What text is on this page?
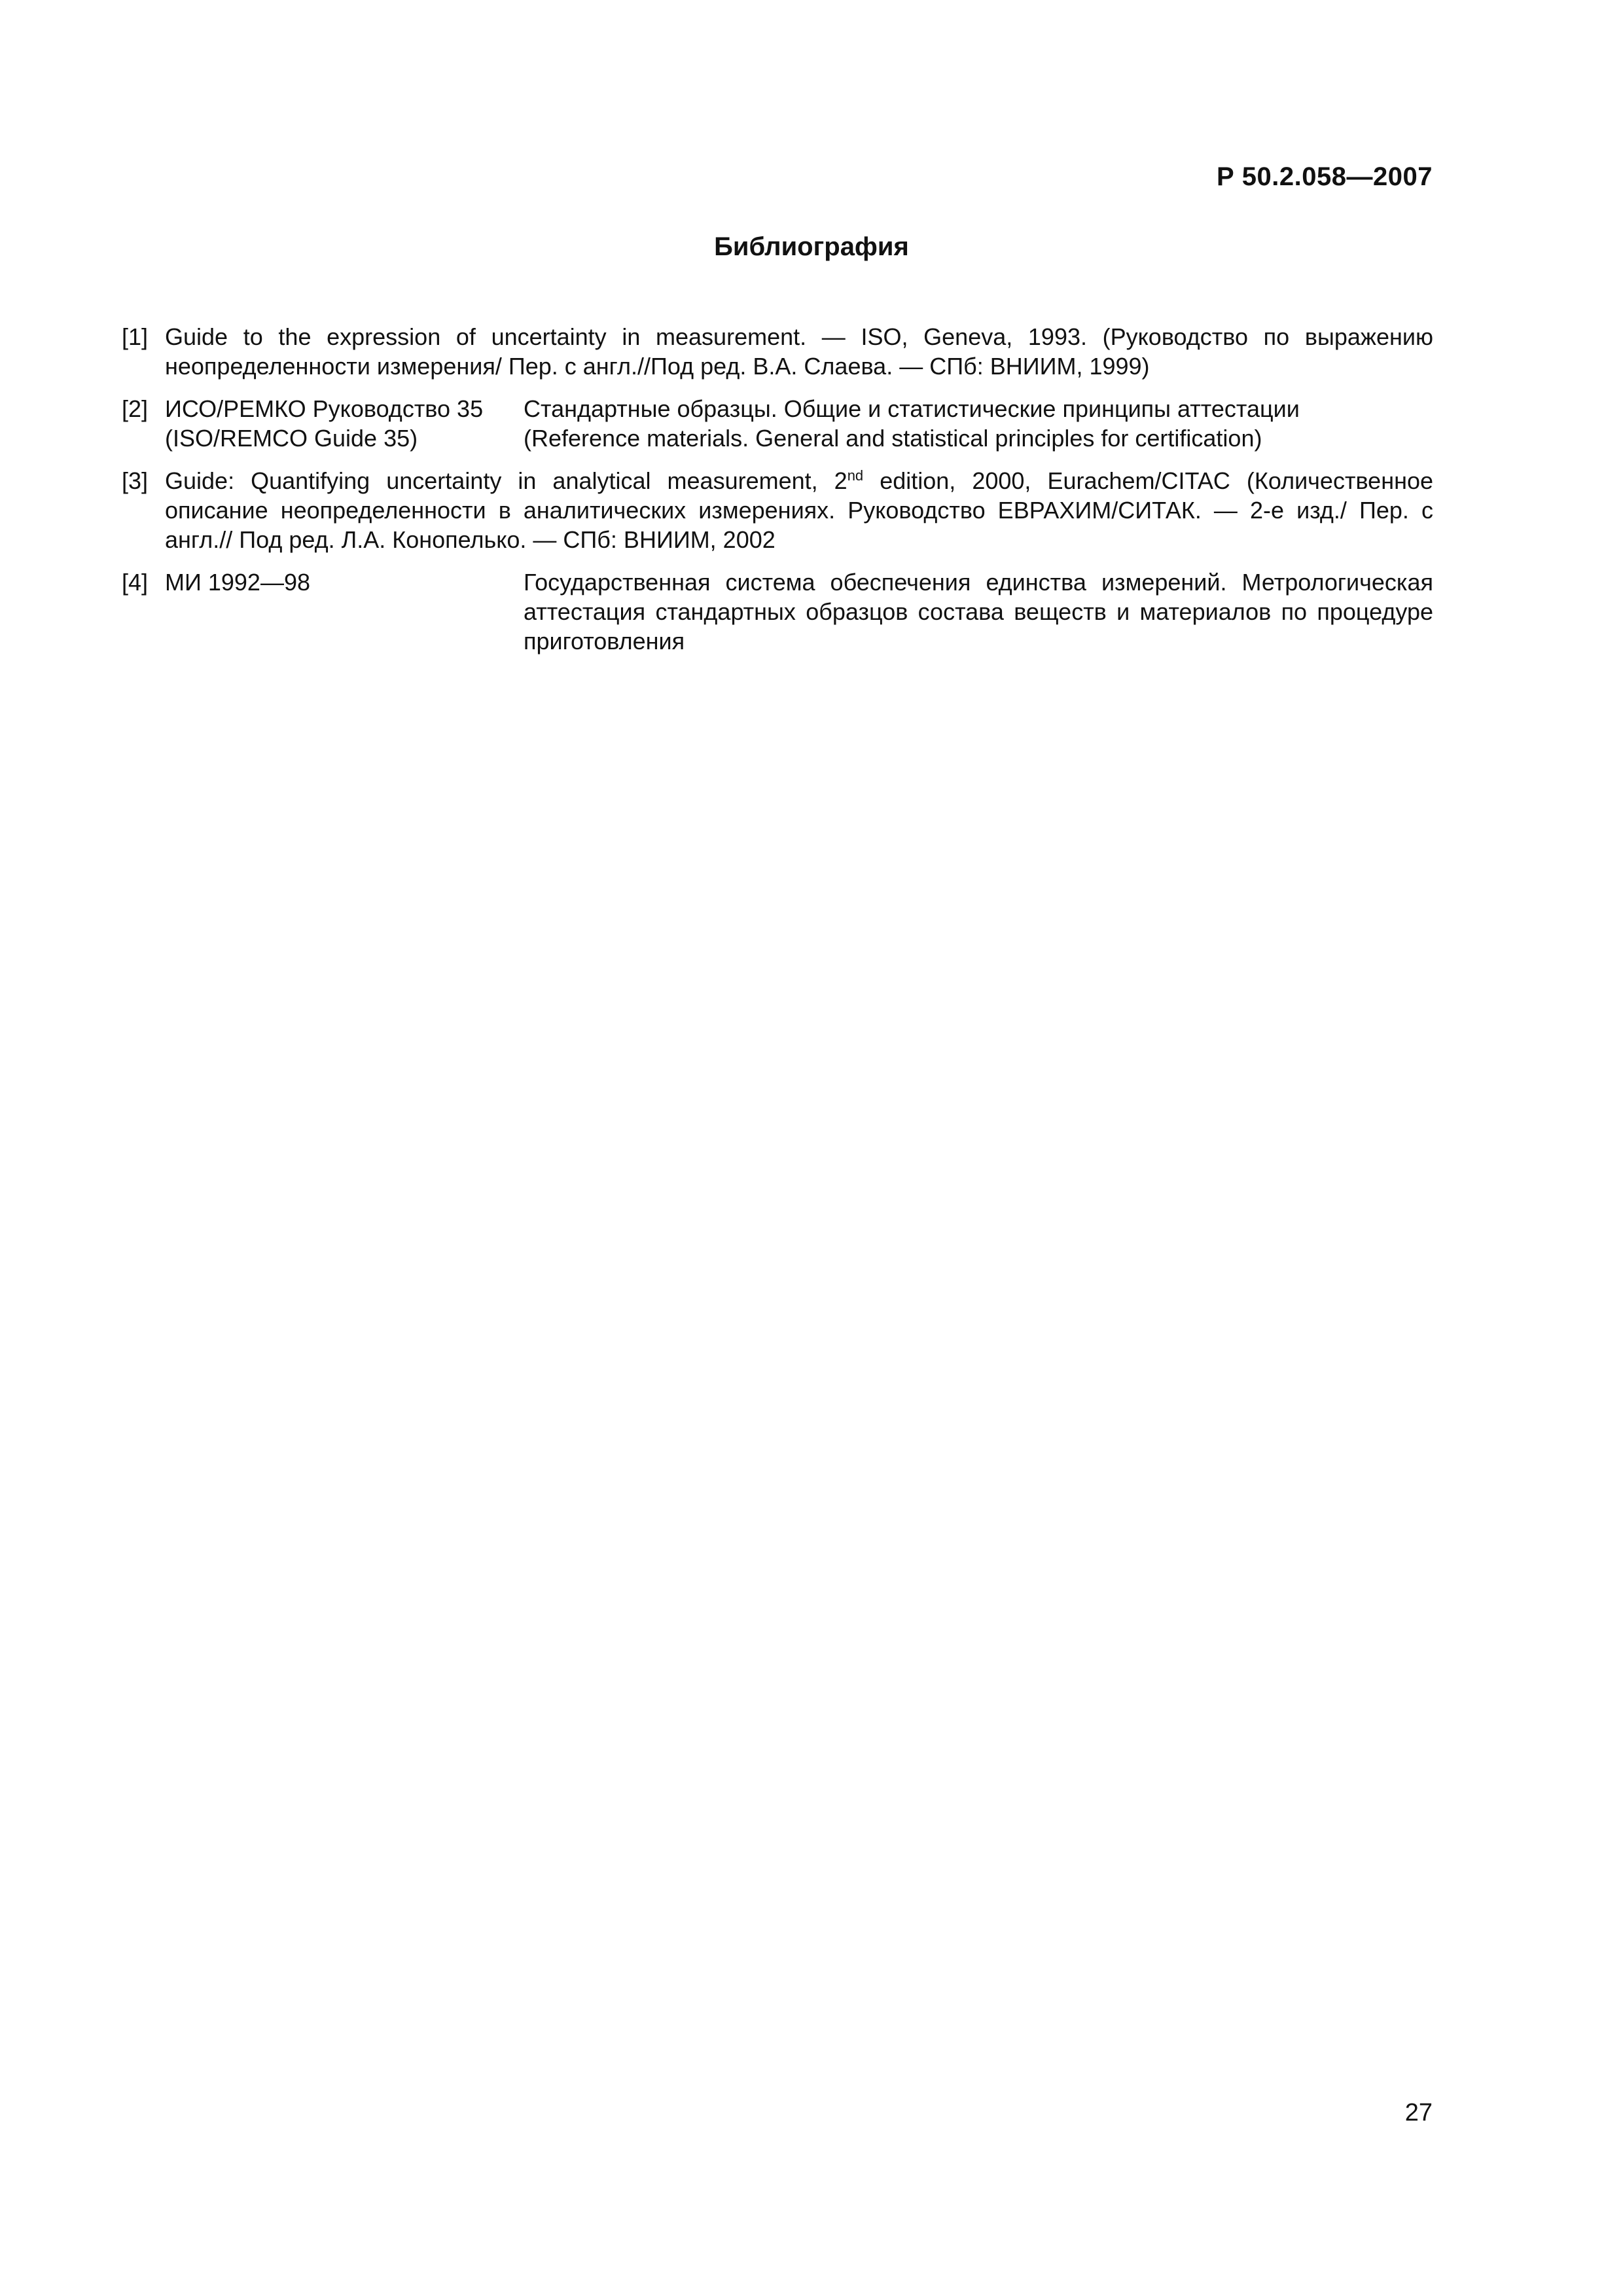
Р 50.2.058—2007
Библиография
[1] Guide to the expression of uncertainty in measurement. — ISO, Geneva, 1993. (Руководство по выражению неопределенности измерения/ Пер. с англ.//Под ред. В.А. Слаева. — СПб: ВНИИМ, 1999)
[2] ИСО/РЕМКО Руководство 35
(ISO/REMCO Guide 35)
Стандартные образцы. Общие и статистические принципы аттестации
(Reference materials. General and statistical principles for certification)
[3] Guide: Quantifying uncertainty in analytical measurement, 2nd edition, 2000, Eurachem/CITAC (Количественное описание неопределенности в аналитических измерениях. Руководство ЕВРАХИМ/СИТАК. — 2-е изд./ Пер. с англ.// Под ред. Л.А. Конопелько. — СПб: ВНИИМ, 2002
[4] МИ 1992—98	Государственная система обеспечения единства измерений. Метрологическая аттестация стандартных образцов состава веществ и материалов по процедуре приготовления
27
